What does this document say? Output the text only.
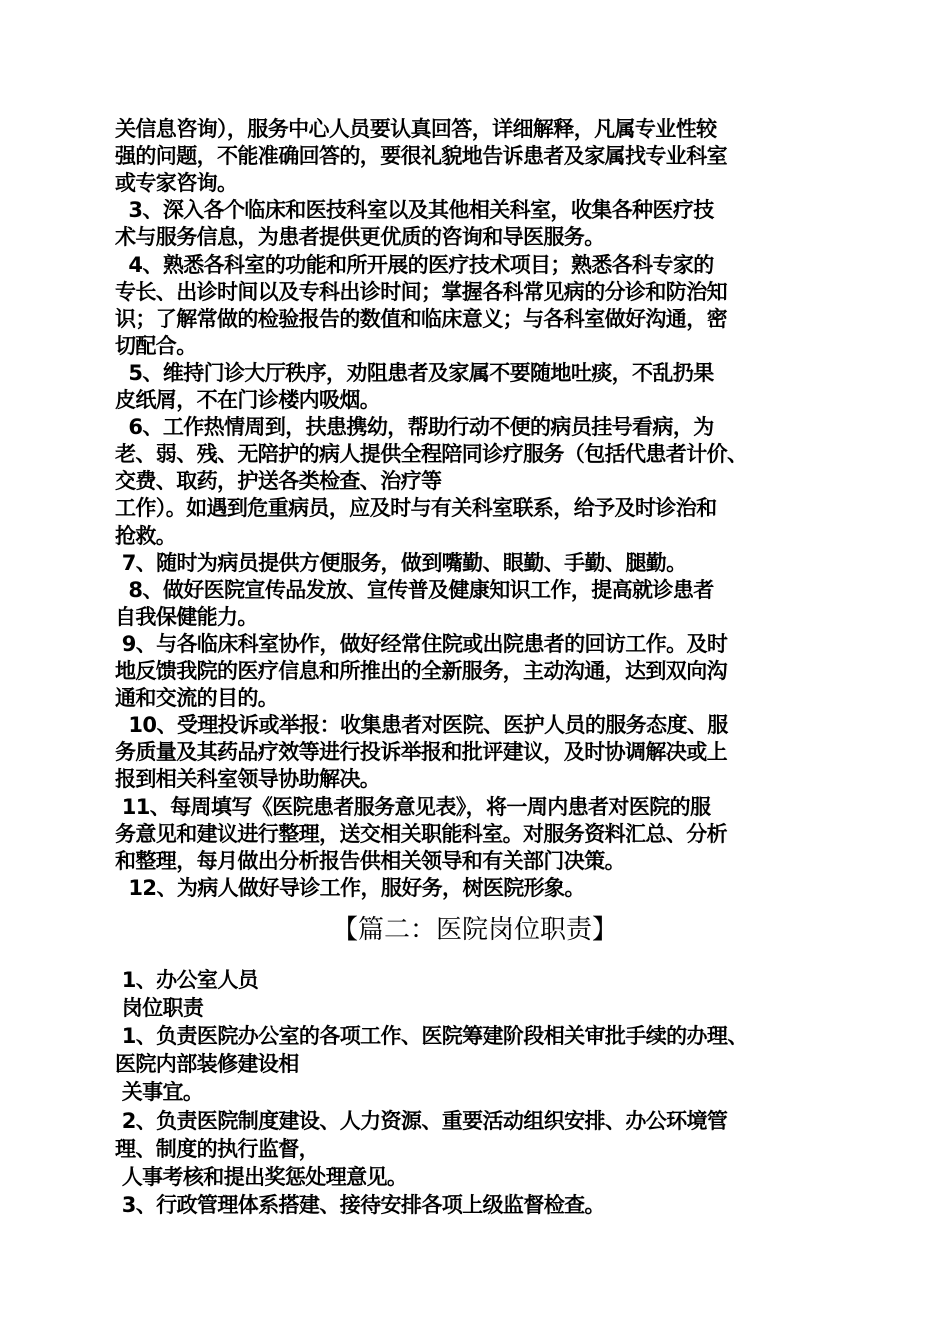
关信息咨询），服务中心人员要认真回答，详细解释，凡属专业性较
强的问题，不能准确回答的，要很礼貌地告诉患者及家属找专业科室
或专家咨询。
3、深入各个临床和医技科室以及其他相关科室，收集各种医疗技
术与服务信息，为患者提供更优质的咨询和导医服务。
4、熟悉各科室的功能和所开展的医疗技术项目；熟悉各科专家的
专长、出诊时间以及专科出诊时间；掌握各科常见病的分诊和防治知
识；了解常做的检验报告的数值和临床意义；与各科室做好沟通，密
切配合。
5、维持门诊大厅秩序，劝阻患者及家属不要随地吐痰，不乱扔果
皮纸屑，不在门诊楼内吸烟。
6、工作热情周到，扶患携幼，帮助行动不便的病员挂号看病，为
老、弱、残、无陪护的病人提供全程陪同诊疗服务（包括代患者计价、
交费、取药，护送各类检查、治疗等
工作）。如遇到危重病员，应及时与有关科室联系，给予及时诊治和
抢救。
7、随时为病员提供方便服务，做到嘴勤、眼勤、手勤、腿勤。
8、做好医院宣传品发放、宣传普及健康知识工作，提高就诊患者
自我保健能力。
9、与各临床科室协作，做好经常住院或出院患者的回访工作。及时
地反馈我院的医疗信息和所推出的全新服务，主动沟通，达到双向沟
通和交流的目的。
10、受理投诉或举报：收集患者对医院、医护人员的服务态度、服
务质量及其药品疗效等进行投诉举报和批评建议，及时协调解决或上
报到相关科室领导协助解决。
11、每周填写《医院患者服务意见表》，将一周内患者对医院的服
务意见和建议进行整理，送交相关职能科室。对服务资料汇总、分析
和整理，每月做出分析报告供相关领导和有关部门决策。
12、为病人做好导诊工作，服好务，树医院形象。
【篇二：医院岗位职责】
1、办公室人员
岗位职责
1、负责医院办公室的各项工作、医院筹建阶段相关审批手续的办理、
医院内部装修建设相
关事宜。
2、负责医院制度建设、人力资源、重要活动组织安排、办公环境管
理、制度的执行监督，
人事考核和提出奖惩处理意见。
3、行政管理体系搭建、接待安排各项上级监督检查。
